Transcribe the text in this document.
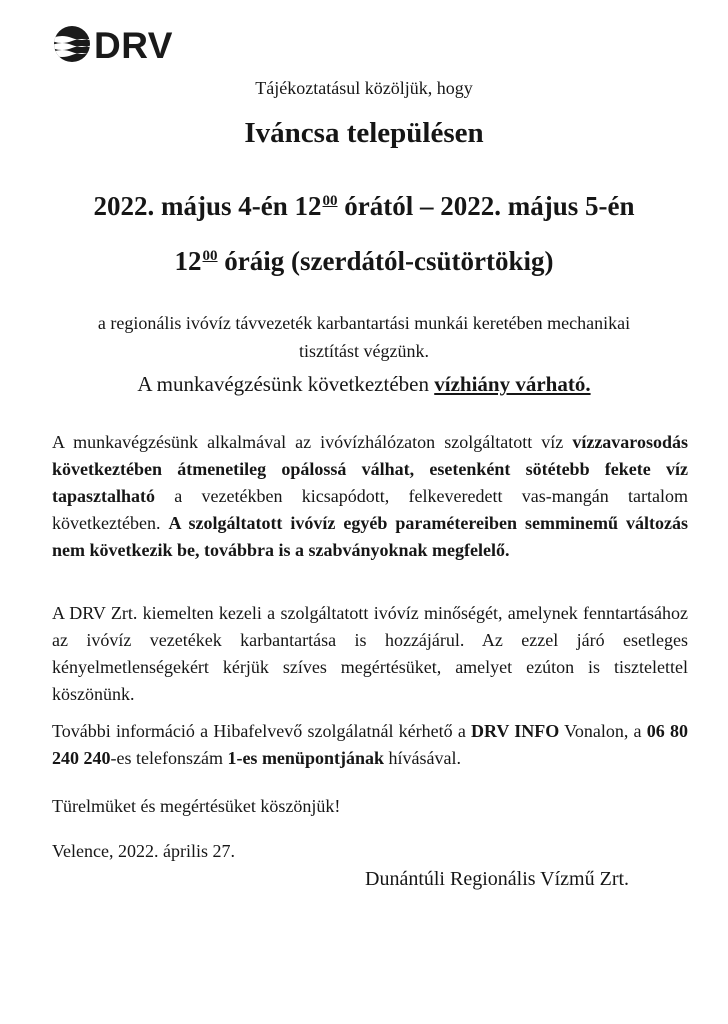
DRV
Tájékoztatásul közöljük, hogy
Iváncsa településen
2022. május 4-én $12^{00}$ órától – 2022. május 5-én
$12^{00}$ óráig (szerdától-csütörtökig)
a regionális ivóvíz távvezeték karbantartási munkái keretében mechanikai tisztítást végzünk.
A munkavégzésünk következtében vízhiány várható.
A munkavégzésünk alkalmával az ivóvízhálózaton szolgáltatott víz vízzavarosodás következtében átmenetileg opálossá válhat, esetenként sötétebb fekete víz tapasztalható a vezetékben kicsapódott, felkeveredett vas-mangán tartalom következtében. A szolgáltatott ivóvíz egyéb paramétereiben semminemű változás nem következik be, továbbra is a szabványoknak megfelelő.
A DRV Zrt. kiemelten kezeli a szolgáltatott ivóvíz minőségét, amelynek fenntartásához az ivóvíz vezetékek karbantartása is hozzájárul. Az ezzel járó esetleges kényelmetlenségekért kérjük szíves megértésüket, amelyet ezúton is tisztelettel köszönünk.
További információ a Hibafelvevő szolgálatnál kérhető a DRV INFO Vonalon, a 06 80 240 240-es telefonszám 1-es menüpontjának hívásával.
Türelmüket és megértésüket köszönjük!
Velence, 2022. április 27.
Dunántúli Regionális Vízmű Zrt.
